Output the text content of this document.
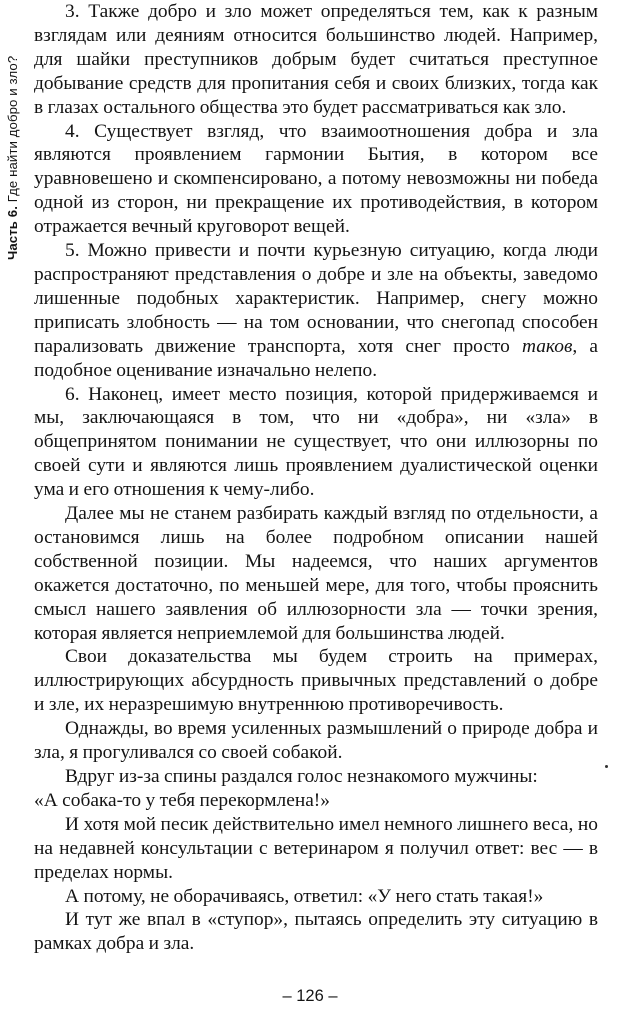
Часть 6. Где найти добро и зло?

3. Также добро и зло может определяться тем, как к разным взглядам или деяниям относится большинство людей. Например, для шайки преступников добрым будет считаться преступное добывание средств для пропитания себя и своих близких, тогда как в глазах остального общества это будет рассматриваться как зло.

4. Существует взгляд, что взаимоотношения добра и зла являются проявлением гармонии Бытия, в котором все уравновешено и скомпенсировано, а потому невозможны ни победа одной из сторон, ни прекращение их противодействия, в котором отражается вечный круговорот вещей.

5. Можно привести и почти курьезную ситуацию, когда люди распространяют представления о добре и зле на объекты, заведомо лишенные подобных характеристик. Например, снегу можно приписать злобность — на том основании, что снегопад способен парализовать движение транспорта, хотя снег просто таков, а подобное оценивание изначально нелепо.

6. Наконец, имеет место позиция, которой придерживаемся и мы, заключающаяся в том, что ни «добра», ни «зла» в общепринятом понимании не существует, что они иллюзорны по своей сути и являются лишь проявлением дуалистической оценки ума и его отношения к чему-либо.

Далее мы не станем разбирать каждый взгляд по отдельности, а остановимся лишь на более подробном описании нашей собственной позиции. Мы надеемся, что наших аргументов окажется достаточно, по меньшей мере, для того, чтобы прояснить смысл нашего заявления об иллюзорности зла — точки зрения, которая является неприемлемой для большинства людей.

Свои доказательства мы будем строить на примерах, иллюстрирующих абсурдность привычных представлений о добре и зле, их неразрешимую внутреннюю противоречивость.

Однажды, во время усиленных размышлений о природе добра и зла, я прогуливался со своей собакой.

Вдруг из-за спины раздался голос незнакомого мужчины:

«А собака-то у тебя перекормлена!»

И хотя мой песик действительно имел немного лишнего веса, но на недавней консультации с ветеринаром я получил ответ: вес — в пределах нормы.

А потому, не оборачиваясь, ответил: «У него стать такая!»

И тут же впал в «ступор», пытаясь определить эту ситуацию в рамках добра и зла.

– 126 –
